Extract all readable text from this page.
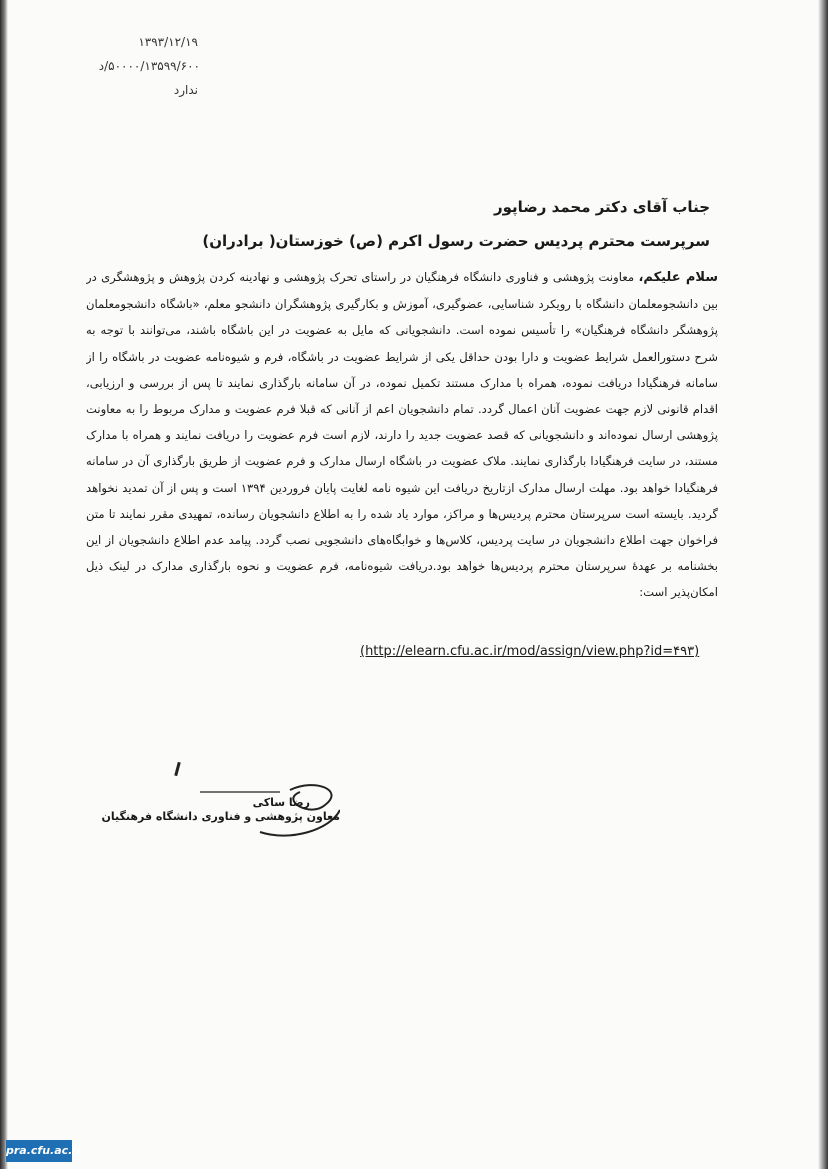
۱۳۹۳/۱۲/۱۹
۵۰۰۰۰/۱۳۵۹۹/۶۰۰/د
ندارد
جناب آقای دکتر محمد رضاپور
سرپرست محترم پردیس حضرت رسول اکرم (ص) خوزستان( برادران)
سلام علیکم، معاونت پژوهشی و فناوری دانشگاه فرهنگیان در راستای تحرک پژوهشی و نهادینه کردن پژوهش و پژوهشگری در بین دانشجومعلمان دانشگاه با رویکرد شناسایی، عضوگیری، آموزش و بکارگیری پژوهشگران دانشجو معلم، «باشگاه دانشجومعلمان پژوهشگر دانشگاه فرهنگیان» را تأسیس نموده است. دانشجویانی که مایل به عضویت در این باشگاه باشند، می‌توانند با توجه به شرح دستورالعمل شرایط عضویت و دارا بودن حداقل یکی از شرایط عضویت در باشگاه، فرم و شیوه‌نامه عضویت در باشگاه را از سامانه فرهنگیادا دریافت نموده، همراه با مدارک مستند تکمیل نموده، در آن سامانه بارگذاری نمایند تا پس از بررسی و ارزیابی، اقدام قانونی لازم جهت عضویت آنان اعمال گردد. تمام دانشجویان اعم از آنانی که قبلا فرم عضویت و مدارک مربوط را به معاونت پژوهشی ارسال نموده‌اند و دانشجویانی که قصد عضویت جدید را دارند، لازم است فرم عضویت را دریافت نمایند و همراه با مدارک مستند، در سایت فرهنگیادا بارگذاری نمایند. ملاک عضویت در باشگاه ارسال مدارک و فرم عضویت از طریق بارگذاری آن در سامانه فرهنگیادا خواهد بود. مهلت ارسال مدارک ازتاریخ دریافت این شیوه نامه لغایت پایان فروردین ۱۳۹۴ است و پس از آن تمدید نخواهد گردید. بایسته است سرپرستان محترم پردیس‌ها و مراکز، موارد یاد شده را به اطلاع دانشجویان رسانده، تمهیدی مقرر نمایند تا متن فراخوان جهت اطلاع دانشجویان در سایت پردیس، کلاس‌ها و خوابگاه‌های دانشجویی نصب گردد. پیامد عدم اطلاع دانشجویان از این بخشنامه بر عهدهٔ سرپرستان محترم پردیس‌ها خواهد بود.دریافت شیوه‌نامه، فرم عضویت و نحوه بارگذاری مدارک در لینک ذیل امکان‌پذیر است:
(http://elearn.cfu.ac.ir/mod/assign/view.php?id=۴۹۳)
رضا ساکی
معاون پژوهشی و فناوری دانشگاه فرهنگیان
pra.cfu.ac.ir
